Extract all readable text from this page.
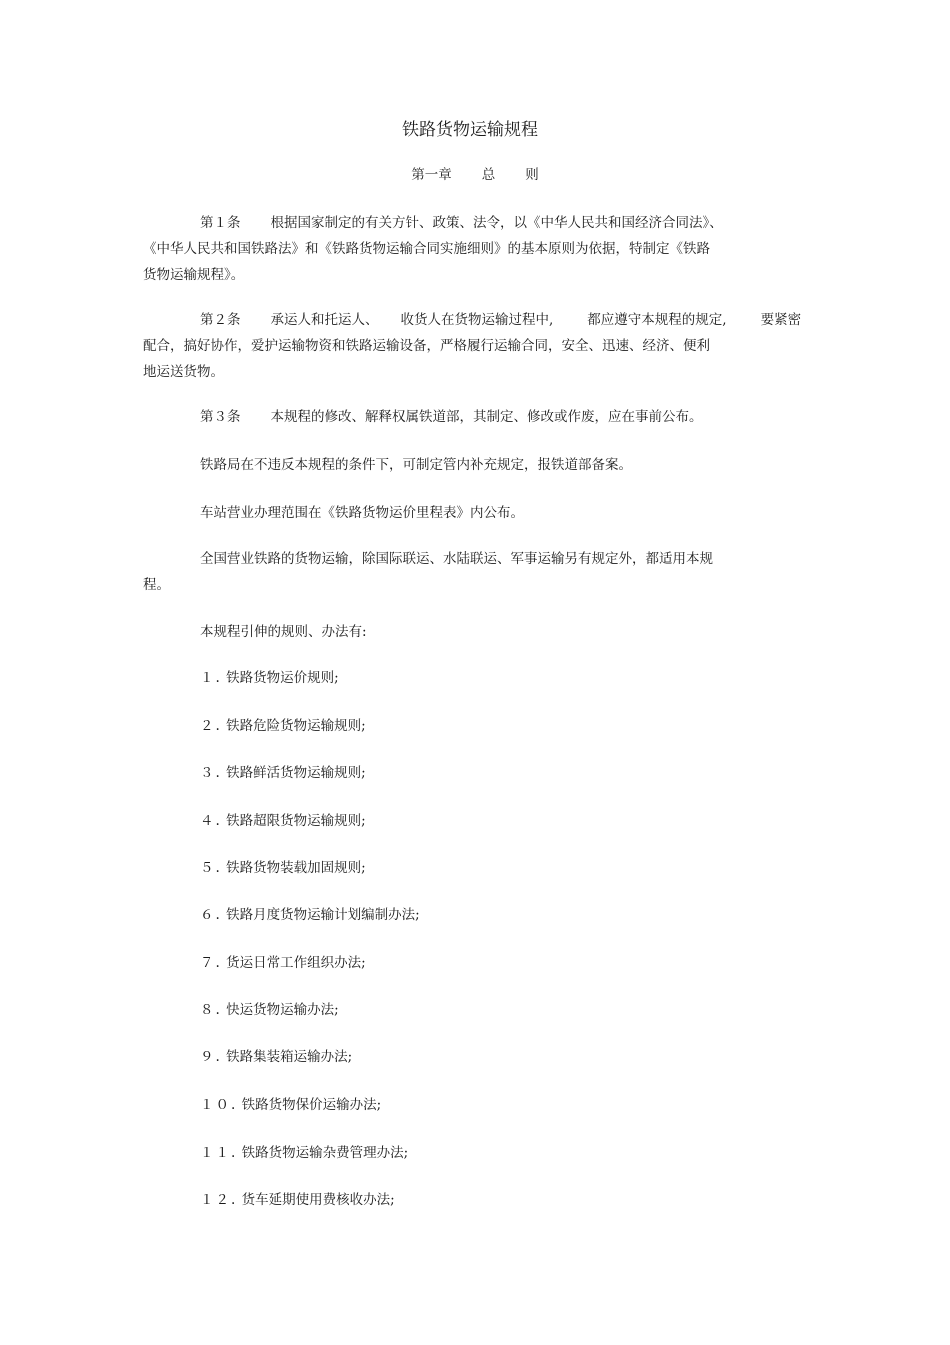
铁路货物运输规程
第一章 总 则
第１条 根据国家制定的有关方针、政策、法令，以《中华人民共和国经济合同法》、
《中华人民共和国铁路法》和《铁路货物运输合同实施细则》的基本原则为依据，特制定《铁路
货物运输规程》。
第２条 承运人和托运人、 收货人在货物运输过程中,	都应遵守本规程的规定,	要紧密
配合，搞好协作，爱护运输物资和铁路运输设备，严格履行运输合同，安全、迅速、经济、便利
地运送货物。
第３条 本规程的修改、解释权属铁道部，其制定、修改或作废，应在事前公布。
铁路局在不违反本规程的条件下，可制定管内补充规定，报铁道部备案。
车站营业办理范围在《铁路货物运价里程表》内公布。
全国营业铁路的货物运输，除国际联运、水陆联运、军事运输另有规定外，都适用本规
程。
本规程引伸的规则、办法有:
１. 铁路货物运价规则;
２. 铁路危险货物运输规则;
３. 铁路鲜活货物运输规则;
４. 铁路超限货物运输规则;
５. 铁路货物装载加固规则;
６. 铁路月度货物运输计划编制办法;
７. 货运日常工作组织办法;
８. 快运货物运输办法;
９. 铁路集装箱运输办法;
１０. 铁路货物保价运输办法;
１１. 铁路货物运输杂费管理办法;
１２. 货车延期使用费核收办法;
